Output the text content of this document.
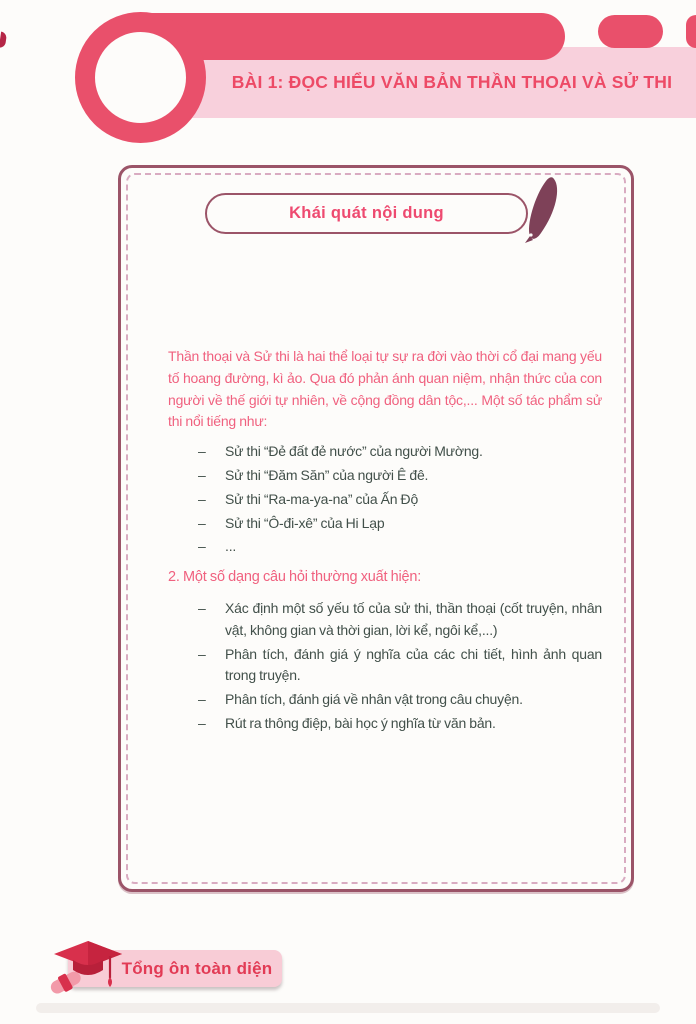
BÀI 1: ĐỌC HIỂU VĂN BẢN THẦN THOẠI VÀ SỬ THI
Khái quát nội dung

Thần thoại và Sử thi là hai thể loại tự sự ra đời vào thời cổ đại mang yếu tố hoang đường, kì ảo. Qua đó phản ánh quan niệm, nhận thức của con người về thế giới tự nhiên, về cộng đồng dân tộc,... Một số tác phẩm sử thi nổi tiếng như:

–	Sử thi “Đẻ đất đẻ nước” của người Mường.
–	Sử thi “Đăm Săn” của người Ê đê.
–	Sử thi “Ra-ma-ya-na” của Ấn Độ
–	Sử thi “Ô-đi-xê” của Hi Lạp
–	...

2. Một số dạng câu hỏi thường xuất hiện:

–	Xác định một số yếu tố của sử thi, thần thoại (cốt truyện, nhân vật, không gian và thời gian, lời kể, ngôi kể,...)
–	Phân tích, đánh giá ý nghĩa của các chi tiết, hình ảnh quan trong truyện.
–	Phân tích, đánh giá về nhân vật trong câu chuyện.
–	Rút ra thông điệp, bài học ý nghĩa từ văn bản.
Tổng ôn toàn diện
